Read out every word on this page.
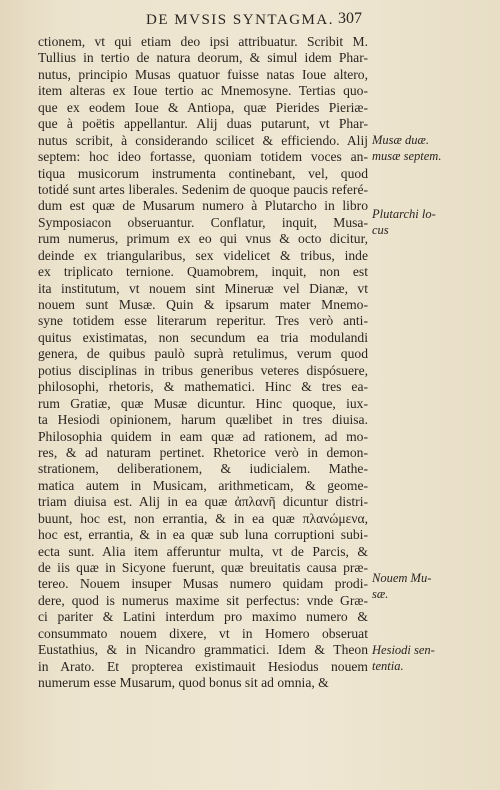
DE MVSIS SYNTAGMA. 307
ctionem, vt qui etiam deo ipsi attribuatur. Scribit M.
Tullius in tertio de natura deorum, & simul idem Phar-
nutus, principio Musas quatuor fuisse natas Ioue altero,
item alteras ex Ioue tertio ac Mnemosyne. Tertias quo-
que ex eodem Ioue & Antiopa, quæ Pierides Pieriæ-
que à poëtis appellantur. Alij duas putarunt, vt Phar-
nutus scribit, à considerando scilicet & efficiendo. Alij
septem: hoc ideo fortasse, quoniam totidem voces an-
tiqua musicorum instrumenta continebant, vel, quod
totidé sunt artes liberales. Sedenim de quoque paucis referé-
dum est quæ de Musarum numero à Plutarcho in libro
Symposiacon obseruantur. Conflatur, inquit, Musa-
rum numerus, primum ex eo qui vnus & octo dicitur,
deinde ex triangularibus, sex videlicet & tribus, inde
ex triplicato ternione. Quamobrem, inquit, non est
ita institutum, vt nouem sint Mineruæ vel Dianæ, vt
nouem sunt Musæ. Quin & ipsarum mater Mnemo-
syne totidem esse literarum reperitur. Tres verò anti-
quitus existimatas, non secundum ea tria modulandi
genera, de quibus paulò suprà retulimus, verum quod
potius disciplinas in tribus generibus veteres dispósuere,
philosophi, rhetoris, & mathematici. Hinc & tres ea-
rum Gratiæ, quæ Musæ dicuntur. Hinc quoque, iux-
ta Hesiodi opinionem, harum quælibet in tres diuisa.
Philosophia quidem in eam quæ ad rationem, ad mo-
res, & ad naturam pertinet. Rhetorice verò in demon-
strationem, deliberationem, & iudicialem. Mathe-
matica autem in Musicam, arithmeticam, & geome-
triam diuisa est. Alij in ea quæ ἀπλανῆ dicuntur distri-
buunt, hoc est, non errantia, & in ea quæ πλανώμενα,
hoc est, errantia, & in ea quæ sub luna corruptioni subi-
ecta sunt. Alia item afferuntur multa, vt de Parcis, &
de iis quæ in Sicyone fuerunt, quæ breuitatis causa præ-
tereo. Nouem insuper Musas numero quidam prodi-
dere, quod is numerus maxime sit perfectus: vnde Græ-
ci pariter & Latini interdum pro maximo numero &
consummato nouem dixere, vt in Homero obseruat
Eustathius, & in Nicandro grammatici. Idem & Theon
in Arato. Et propterea existimauit Hesiodus nouem
numerum esse Musarum, quod bonus sit ad omnia, &
Musæ duæ.
musæ septem.
Plutarchi lo-
cus
Nouem Mu-
sæ.
Hesiodi sen-
tentia.
